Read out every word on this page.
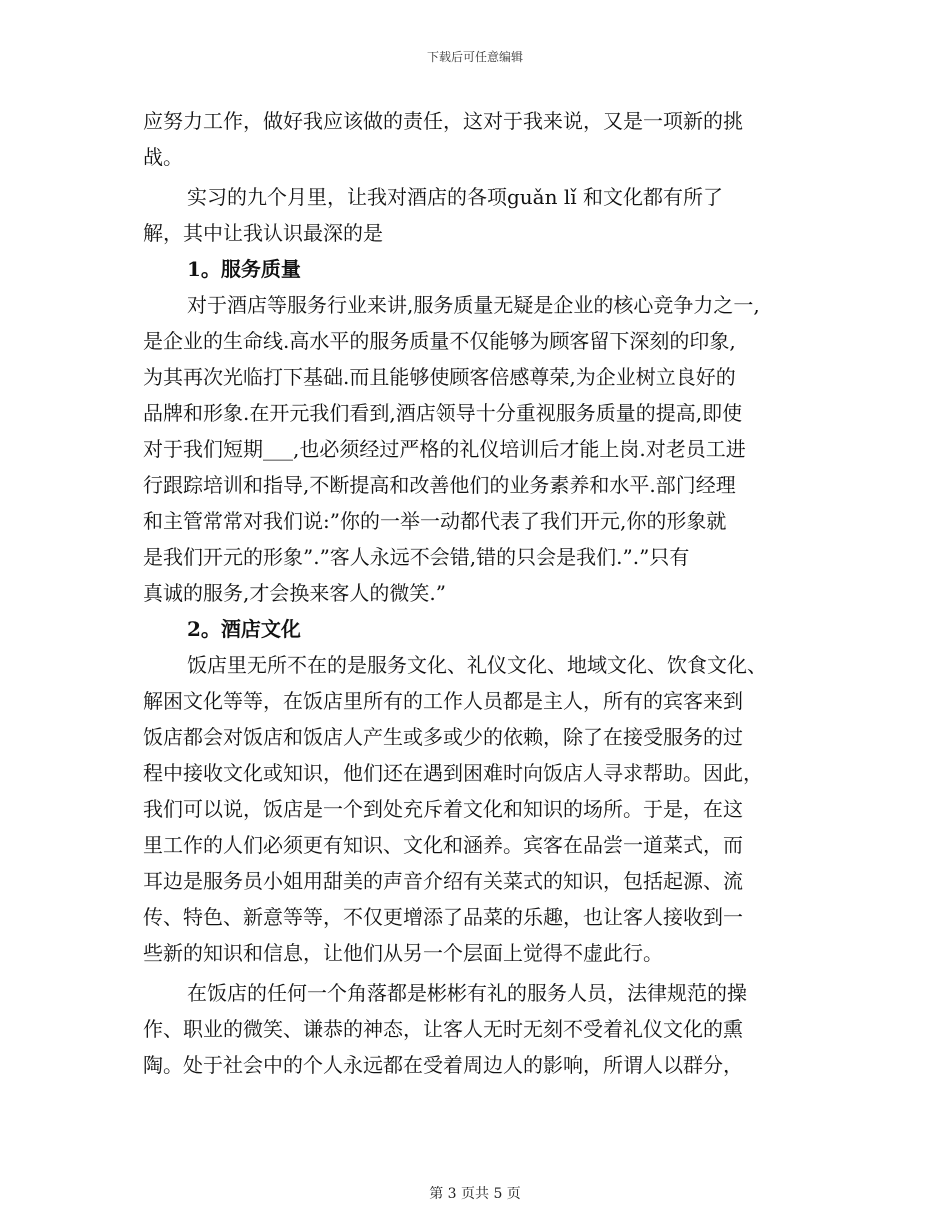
下载后可任意编辑
应努力工作，做好我应该做的责任，这对于我来说，又是一项新的挑
战。
实习的九个月里，让我对酒店的各项guǎn lǐ 和文化都有所了
解，其中让我认识最深的是
1。服务质量
对于酒店等服务行业来讲,服务质量无疑是企业的核心竞争力之一,
是企业的生命线.高水平的服务质量不仅能够为顾客留下深刻的印象,
为其再次光临打下基础.而且能够使顾客倍感尊荣,为企业树立良好的
品牌和形象.在开元我们看到,酒店领导十分重视服务质量的提高,即使
对于我们短期___,也必须经过严格的礼仪培训后才能上岗.对老员工进
行跟踪培训和指导,不断提高和改善他们的业务素养和水平.部门经理
和主管常常对我们说:”你的一举一动都代表了我们开元,你的形象就
是我们开元的形象”.”客人永远不会错,错的只会是我们.”.”只有
真诚的服务,才会换来客人的微笑.”
2。酒店文化
饭店里无所不在的是服务文化、礼仪文化、地域文化、饮食文化、
解困文化等等，在饭店里所有的工作人员都是主人，所有的宾客来到
饭店都会对饭店和饭店人产生或多或少的依赖，除了在接受服务的过
程中接收文化或知识，他们还在遇到困难时向饭店人寻求帮助。因此，
我们可以说，饭店是一个到处充斥着文化和知识的场所。于是，在这
里工作的人们必须更有知识、文化和涵养。宾客在品尝一道菜式，而
耳边是服务员小姐用甜美的声音介绍有关菜式的知识，包括起源、流
传、特色、新意等等，不仅更增添了品菜的乐趣，也让客人接收到一
些新的知识和信息，让他们从另一个层面上觉得不虚此行。
在饭店的任何一个角落都是彬彬有礼的服务人员，法律规范的操
作、职业的微笑、谦恭的神态，让客人无时无刻不受着礼仪文化的熏
陶。处于社会中的个人永远都在受着周边人的影响，所谓人以群分，
第 3 页共 5 页
